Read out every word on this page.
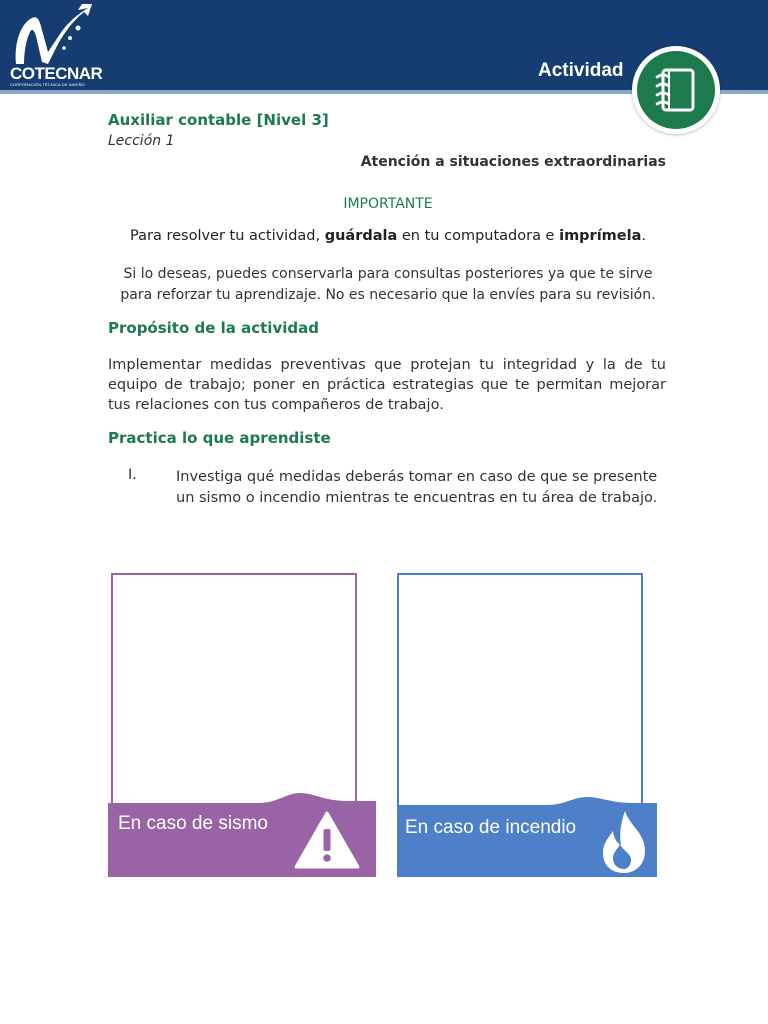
COTECNAR
CORPORACIÓN TÉCNICA DE NARIÑO
Actividad

Auxiliar contable [Nivel 3]

Lección 1

Atención a situaciones extraordinarias

IMPORTANTE

Para resolver tu actividad, guárdala en tu computadora e imprímela.

Si lo deseas, puedes conservarla para consultas posteriores ya que te sirve
para reforzar tu aprendizaje. No es necesario que la envíes para su revisión.

Propósito de la actividad

Implementar medidas preventivas que protejan tu integridad y la de tu equipo de trabajo; poner en práctica estrategias que te permitan mejorar tus relaciones con tus compañeros de trabajo.

Practica lo que aprendiste

I.	Investiga qué medidas deberás tomar en caso de que se presente un sismo o incendio mientras te encuentras en tu área de trabajo.

En caso de sismo	En caso de incendio
